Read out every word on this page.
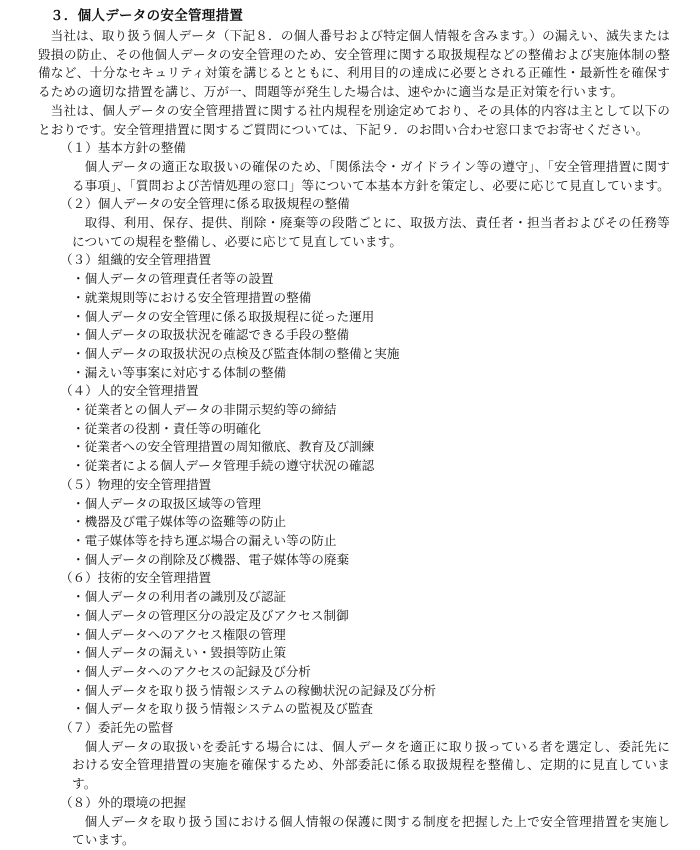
３．個人データの安全管理措置

当社は、取り扱う個人データ（下記８．の個人番号および特定個人情報を含みます。）の漏えい、滅失または毀損の防止、その他個人データの安全管理のため、安全管理に関する取扱規程などの整備および実施体制の整備など、十分なセキュリティ対策を講じるとともに、利用目的の達成に必要とされる正確性・最新性を確保するための適切な措置を講じ、万が一、問題等が発生した場合は、速やかに適当な是正対策を行います。

当社は、個人データの安全管理措置に関する社内規程を別途定めており、その具体的内容は主として以下のとおりです。安全管理措置に関するご質問については、下記９．のお問い合わせ窓口までお寄せください。

（１）基本方針の整備

個人データの適正な取扱いの確保のため、「関係法令・ガイドライン等の遵守」、「安全管理措置に関する事項」、「質問および苦情処理の窓口」等について本基本方針を策定し、必要に応じて見直しています。

（２）個人データの安全管理に係る取扱規程の整備

取得、利用、保存、提供、削除・廃棄等の段階ごとに、取扱方法、責任者・担当者およびその任務等についての規程を整備し、必要に応じて見直しています。

（３）組織的安全管理措置
・個人データの管理責任者等の設置
・就業規則等における安全管理措置の整備
・個人データの安全管理に係る取扱規程に従った運用
・個人データの取扱状況を確認できる手段の整備
・個人データの取扱状況の点検及び監査体制の整備と実施
・漏えい等事案に対応する体制の整備
（４）人的安全管理措置
・従業者との個人データの非開示契約等の締結
・従業者の役割・責任等の明確化
・従業者への安全管理措置の周知徹底、教育及び訓練
・従業者による個人データ管理手続の遵守状況の確認
（５）物理的安全管理措置
・個人データの取扱区域等の管理
・機器及び電子媒体等の盗難等の防止
・電子媒体等を持ち運ぶ場合の漏えい等の防止
・個人データの削除及び機器、電子媒体等の廃棄
（６）技術的安全管理措置
・個人データの利用者の識別及び認証
・個人データの管理区分の設定及びアクセス制御
・個人データへのアクセス権限の管理
・個人データの漏えい・毀損等防止策
・個人データへのアクセスの記録及び分析
・個人データを取り扱う情報システムの稼働状況の記録及び分析
・個人データを取り扱う情報システムの監視及び監査
（７）委託先の監督

個人データの取扱いを委託する場合には、個人データを適正に取り扱っている者を選定し、委託先における安全管理措置の実施を確保するため、外部委託に係る取扱規程を整備し、定期的に見直しています。

（８）外的環境の把握

個人データを取り扱う国における個人情報の保護に関する制度を把握した上で安全管理措置を実施しています。
